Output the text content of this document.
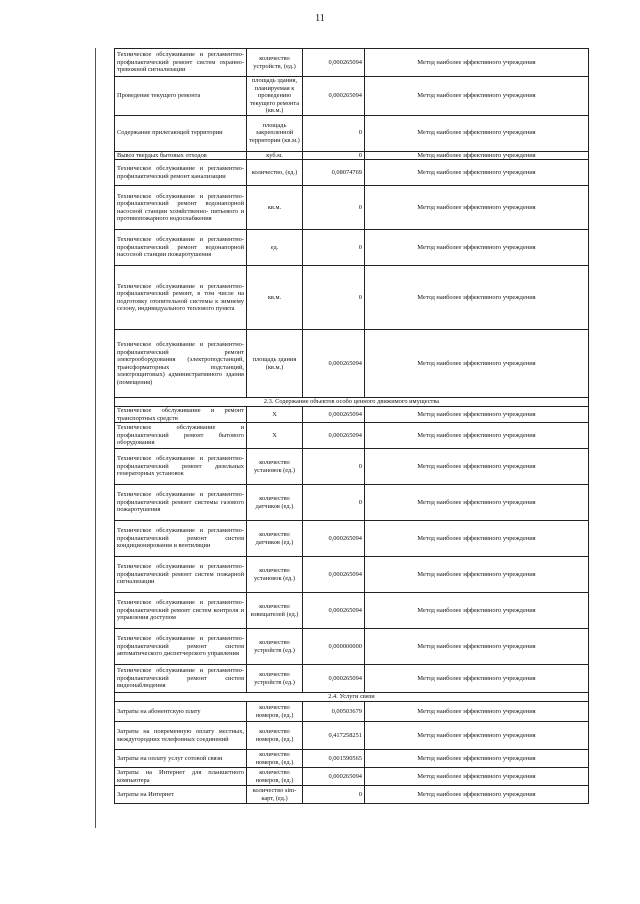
11
Техническое обслуживание и регламентно- профилактический ремонт систем охранно- тревожной сигнализации	количество устройств, (ед.)	0,000265094	Метод наиболее эффективного учреждения
Проведение текущего ремонта	площадь здания, планируемая к проведению текущего ремонта (кв.м.)	0,000265094	Метод наиболее эффективного учреждения
Содержание прилегающей территории	площадь закрепленной территории (кв.м.)	0	Метод наиболее эффективного учреждения
Вывоз твердых бытовых отходов	куб.м.	0	Метод наиболее эффективного учреждения
Техническое обслуживание и регламентно-профилактический ремонт канализации	количество, (ед.)	0,08074769	Метод наиболее эффективного учреждения
Техническое обслуживание и регламентно- профилактический ремонт водонапорной насосной станции хозяйственно- питьевого и противопожарного водоснабжения	кв.м.	0	Метод наиболее эффективного учреждения
Техническое обслуживание и регламентно- профилактический ремонт водонапорной насосной станции пожаротушения	ед.	0	Метод наиболее эффективного учреждения
Техническое обслуживание и регламентно- профилактический ремонт, в том числе на подготовку отопительной системы к зимнему сезону, индивидуального теплового пункта	кв.м.	0	Метод наиболее эффективного учреждения
Техническое обслуживание и регламентно- профилактический ремонт электрооборудования (электроподстанций, трансформаторных подстанций, электрощитовых) административного здания (помещения)	площадь здания (кв.м.)	0,000265094	Метод наиболее эффективного учреждения
2.3. Содержание объектов особо ценного движимого имущества			
Техническое обслуживание и ремонт транспортных средств	X	0,000265094	Метод наиболее эффективного учреждения
Техническое обслуживание и профилактический ремонт бытового оборудования	X	0,000265094	Метод наиболее эффективного учреждения
Техническое обслуживание и регламентно-профилактический ремонт дизельных генераторных установок	количество установок (ед.)	0	Метод наиболее эффективного учреждения
Техническое обслуживание и регламентно-профилактический ремонт системы газового пожаротушения	количество датчиков (ед.)	0	Метод наиболее эффективного учреждения
Техническое обслуживание и регламентно-профилактический ремонт систем кондиционирования и вентиляции	количество датчиков (ед.)	0,000265094	Метод наиболее эффективного учреждения
Техническое обслуживание и регламентно-профилактический ремонт систем пожарной сигнализации	количество установок (ед.)	0,000265094	Метод наиболее эффективного учреждения
Техническое обслуживание и регламентно-профилактический ремонт систем контроля и управления доступом	количество извещателей (ед.)	0,000265094	Метод наиболее эффективного учреждения
Техническое обслуживание и регламентно-профилактический ремонт систем автоматического диспетчерского управления	количество устройств (ед.)	0,000000000	Метод наиболее эффективного учреждения
Техническое обслуживание и регламентно-профилактический ремонт систем видеонаблюдения	количество устройств (ед.)	0,000265094	Метод наиболее эффективного учреждения
2.4. Услуги связи			
Затраты на абонентскую плату	количество номеров, (ед.)	0,00503679	Метод наиболее эффективного учреждения
Затраты на повременную оплату местных, междугородних телефонных соединений	количество номеров, (ед.)	0,417258251	Метод наиболее эффективного учреждения
Затраты на оплату услуг сотовой связи	количество номеров, (ед.)	0,001590565	Метод наиболее эффективного учреждения
Затраты на Интернет для планшетного компьютера	количество номеров, (ед.)	0,000265094	Метод наиболее эффективного учреждения
Затраты на Интернет	количество sim-карт, (ед.)	0	Метод наиболее эффективного учреждения
